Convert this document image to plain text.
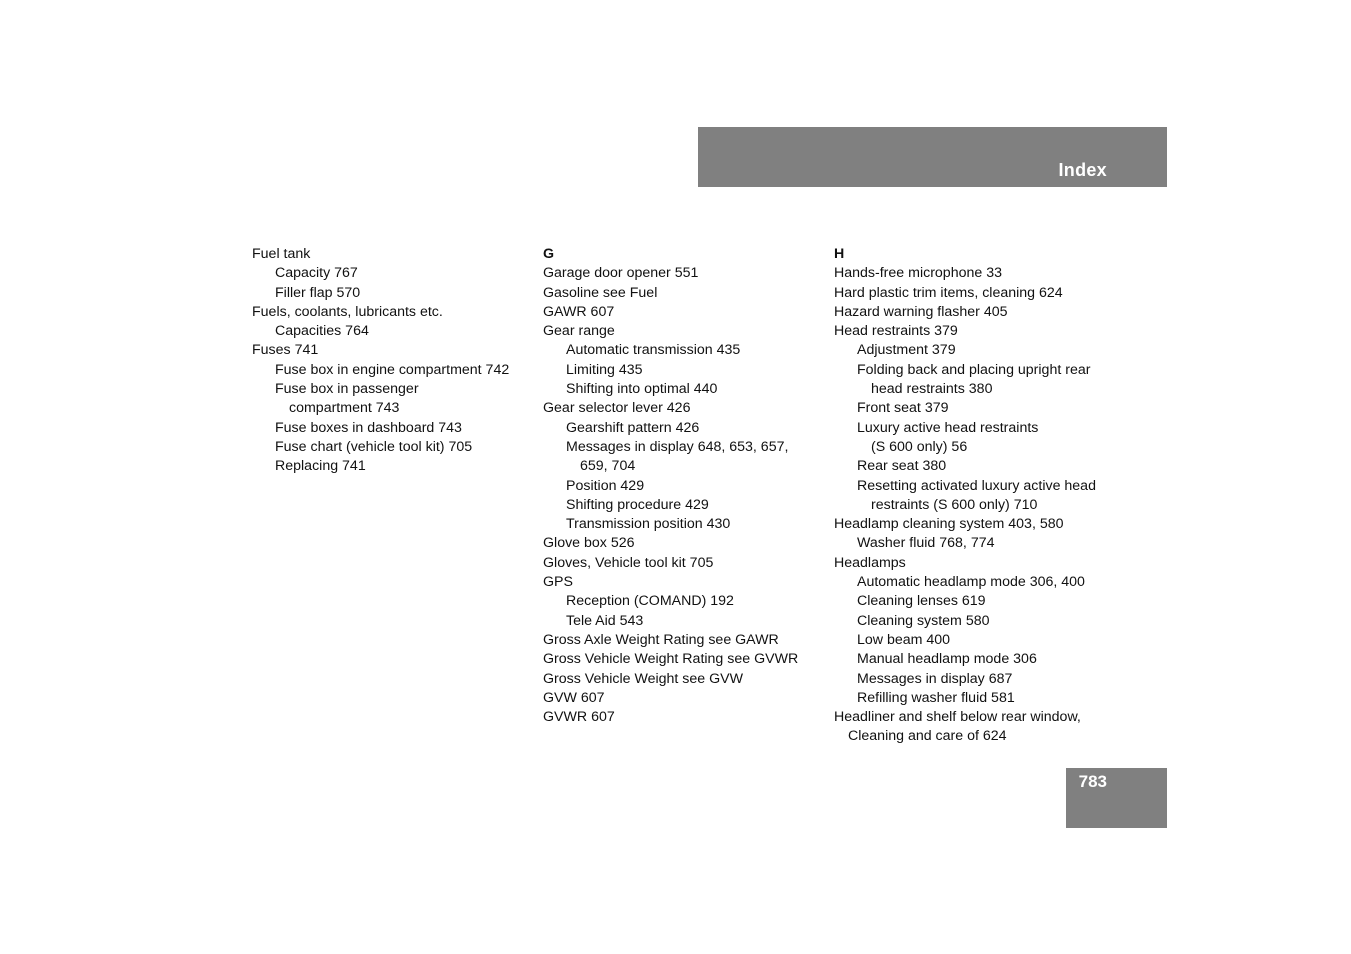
Index
Fuel tank
Capacity 767
Filler flap 570
Fuels, coolants, lubricants etc.
Capacities 764
Fuses 741
Fuse box in engine compartment 742
Fuse box in passenger
compartment 743
Fuse boxes in dashboard 743
Fuse chart (vehicle tool kit) 705
Replacing 741
G
Garage door opener 551
Gasoline see Fuel
GAWR 607
Gear range
Automatic transmission 435
Limiting 435
Shifting into optimal 440
Gear selector lever 426
Gearshift pattern 426
Messages in display 648, 653, 657,
659, 704
Position 429
Shifting procedure 429
Transmission position 430
Glove box 526
Gloves, Vehicle tool kit 705
GPS
Reception (COMAND) 192
Tele Aid 543
Gross Axle Weight Rating see GAWR
Gross Vehicle Weight Rating see GVWR
Gross Vehicle Weight see GVW
GVW 607
GVWR 607
H
Hands-free microphone 33
Hard plastic trim items, cleaning 624
Hazard warning flasher 405
Head restraints 379
Adjustment 379
Folding back and placing upright rear
head restraints 380
Front seat 379
Luxury active head restraints
(S 600 only) 56
Rear seat 380
Resetting activated luxury active head
restraints (S 600 only) 710
Headlamp cleaning system 403, 580
Washer fluid 768, 774
Headlamps
Automatic headlamp mode 306, 400
Cleaning lenses 619
Cleaning system 580
Low beam 400
Manual headlamp mode 306
Messages in display 687
Refilling washer fluid 581
Headliner and shelf below rear window,
Cleaning and care of 624
783
